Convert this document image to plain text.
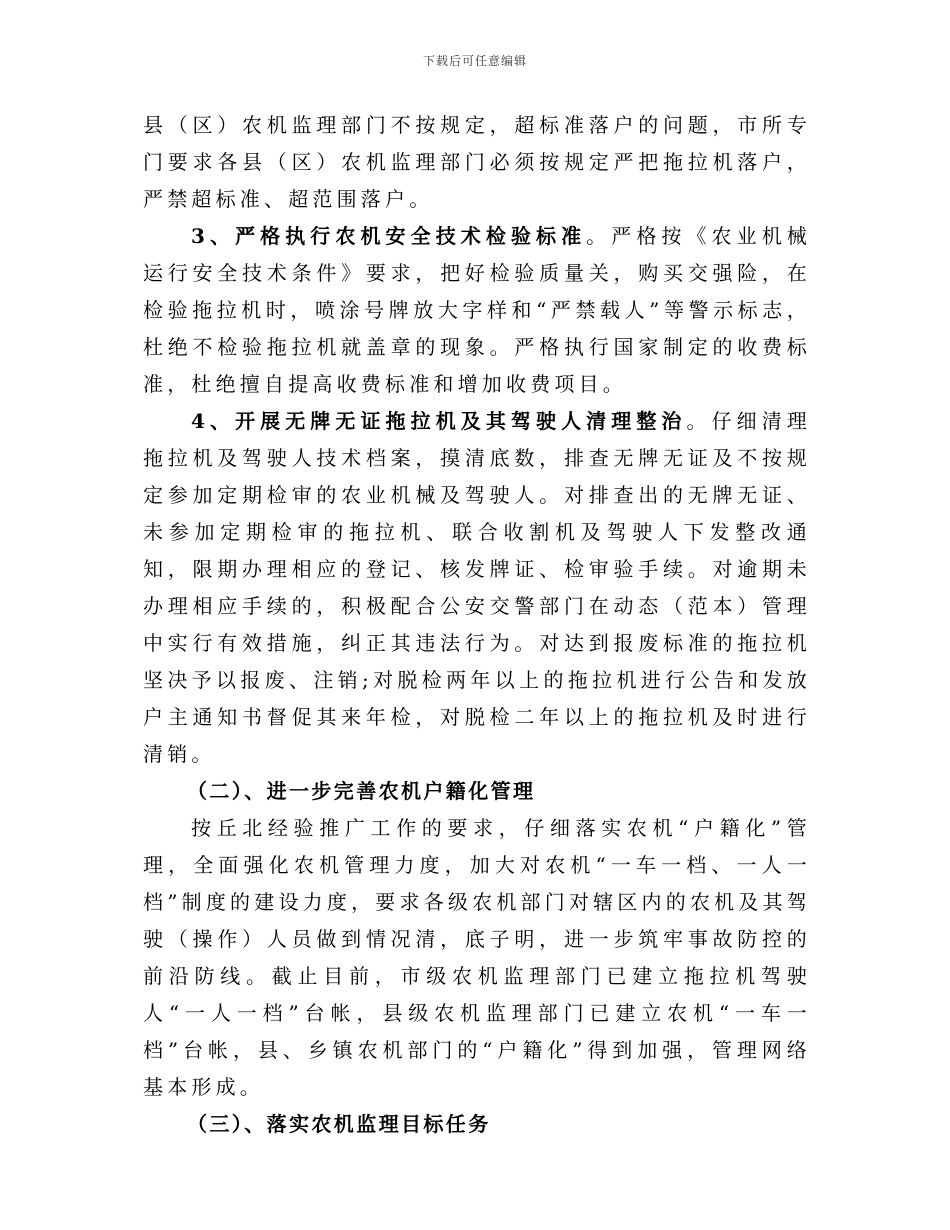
下载后可任意编辑

县（区）农机监理部门不按规定，超标准落户的问题，市所专门要求各县（区）农机监理部门必须按规定严把拖拉机落户，严禁超标准、超范围落户。

3、严格执行农机安全技术检验标准。严格按《农业机械运行安全技术条件》要求，把好检验质量关，购买交强险，在检验拖拉机时，喷涂号牌放大字样和“严禁载人”等警示标志，杜绝不检验拖拉机就盖章的现象。严格执行国家制定的收费标准，杜绝擅自提高收费标准和增加收费项目。

4、开展无牌无证拖拉机及其驾驶人清理整治。仔细清理拖拉机及驾驶人技术档案，摸清底数，排查无牌无证及不按规定参加定期检审的农业机械及驾驶人。对排查出的无牌无证、未参加定期检审的拖拉机、联合收割机及驾驶人下发整改通知，限期办理相应的登记、核发牌证、检审验手续。对逾期未办理相应手续的，积极配合公安交警部门在动态（范本）管理中实行有效措施，纠正其违法行为。对达到报废标准的拖拉机坚决予以报废、注销;对脱检两年以上的拖拉机进行公告和发放户主通知书督促其来年检，对脱检二年以上的拖拉机及时进行清销。

（二）、进一步完善农机户籍化管理

按丘北经验推广工作的要求，仔细落实农机“户籍化”管理，全面强化农机管理力度，加大对农机“一车一档、一人一档”制度的建设力度，要求各级农机部门对辖区内的农机及其驾驶（操作）人员做到情况清，底子明，进一步筑牢事故防控的前沿防线。截止目前，市级农机监理部门已建立拖拉机驾驶人“一人一档”台帐，县级农机监理部门已建立农机“一车一档”台帐，县、乡镇农机部门的“户籍化”得到加强，管理网络基本形成。

（三）、落实农机监理目标任务
